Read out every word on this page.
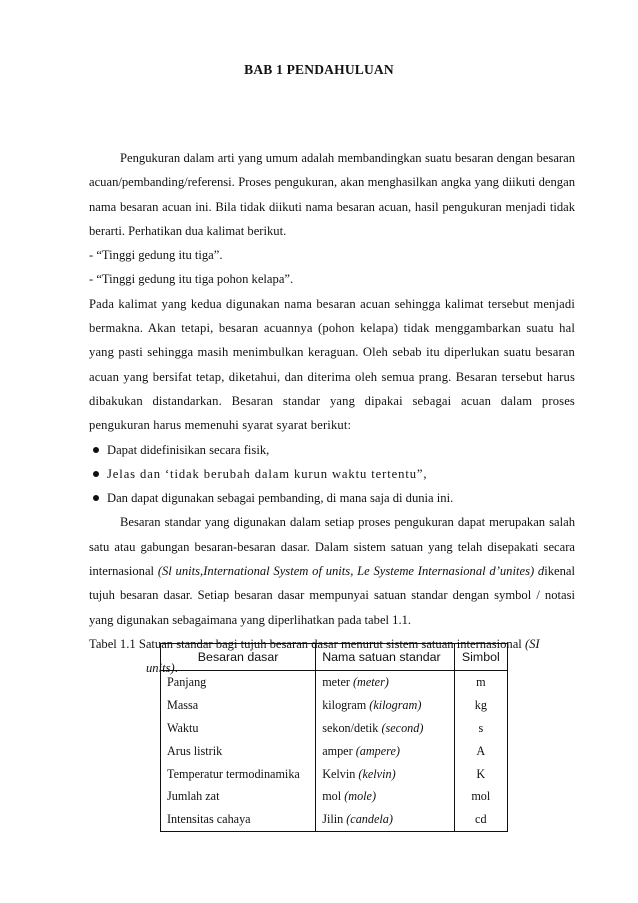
BAB 1 PENDAHULUAN

Pengukuran dalam arti yang umum adalah membandingkan suatu besaran dengan besaran acuan/pembanding/referensi. Proses pengukuran, akan menghasilkan angka yang diikuti dengan nama besaran acuan ini. Bila tidak diikuti nama besaran acuan, hasil pengukuran menjadi tidak berarti. Perhatikan dua kalimat berikut.

- “Tinggi gedung itu tiga”.

- “Tinggi gedung itu tiga pohon kelapa”.

Pada kalimat yang kedua digunakan nama besaran acuan sehingga kalimat tersebut menjadi bermakna. Akan tetapi, besaran acuannya (pohon kelapa) tidak menggambarkan suatu hal yang pasti sehingga masih menimbulkan keraguan. Oleh sebab itu diperlukan suatu besaran acuan yang bersifat tetap, diketahui, dan diterima oleh semua prang. Besaran tersebut harus dibakukan distandarkan. Besaran standar yang dipakai sebagai acuan dalam proses pengukuran harus memenuhi syarat syarat berikut:

Dapat didefinisikan secara fisik,
Jelas dan ‘tidak berubah dalam kurun waktu tertentu”,
Dan dapat digunakan sebagai pembanding, di mana saja di dunia ini.

Besaran standar yang digunakan dalam setiap proses pengukuran dapat merupakan salah satu atau gabungan besaran-besaran dasar. Dalam sistem satuan yang telah disepakati secara internasional (Sl units,International System of units, Le Systeme Internasional d’unites) dikenal tujuh besaran dasar. Setiap besaran dasar mempunyai satuan standar dengan symbol / notasi yang digunakan sebagaimana yang diperlihatkan pada tabel 1.1.

Tabel 1.1 Satuan standar bagi tujuh besaran dasar menurut sistem satuan internasional (SI
units).

Besaran dasar	Nama satuan standar	Simbol
Panjang	meter (meter)	m
Massa	kilogram (kilogram)	kg
Waktu	sekon/detik (second)	s
Arus listrik	amper (ampere)	A
Temperatur termodinamika	Kelvin (kelvin)	K
Jumlah zat	mol (mole)	mol
Intensitas cahaya	Jilin (candela)	cd
